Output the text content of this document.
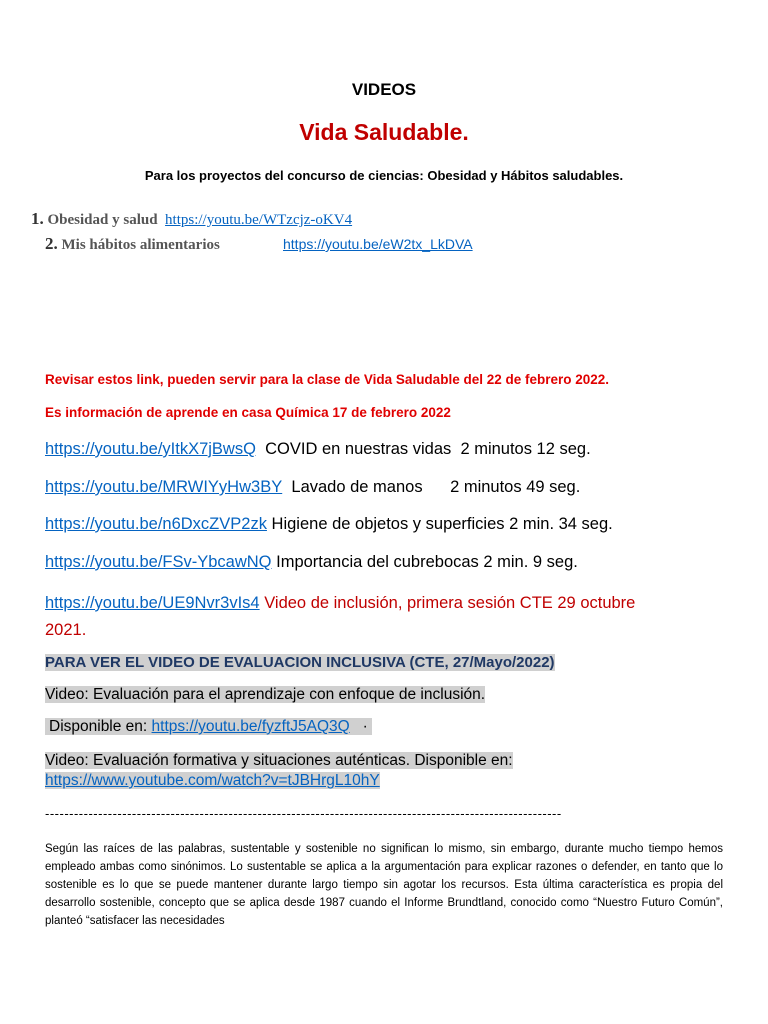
VIDEOS
Vida Saludable.
Para los proyectos del concurso de ciencias: Obesidad y Hábitos saludables.
1. Obesidad y salud https://youtu.be/WTzcjz-oKV4
2. Mis hábitos alimentarios	https://youtu.be/eW2tx_LkDVA
Revisar estos link, pueden servir para la clase de Vida Saludable del 22 de febrero 2022.
Es información de aprende en casa Química 17 de febrero 2022
https://youtu.be/yItkX7jBwsQ COVID en nuestras vidas  2 minutos 12 seg.
https://youtu.be/MRWIYyHw3BY Lavado de manos      2 minutos 49 seg.
https://youtu.be/n6DxcZVP2zk Higiene de objetos y superficies 2 min. 34 seg.
https://youtu.be/FSv-YbcawNQ Importancia del cubrebocas 2 min. 9 seg.
https://youtu.be/UE9Nvr3vIs4 Video de inclusión, primera sesión CTE 29 octubre
2021.
PARA VER EL VIDEO DE EVALUACION INCLUSIVA (CTE, 27/Mayo/2022)
Video: Evaluación para el aprendizaje con enfoque de inclusión.
Disponible en: https://youtu.be/fyzftJ5AQ3Q ·
Video: Evaluación formativa y situaciones auténticas. Disponible en:
https://www.youtube.com/watch?v=tJBHrgL10hY
-----------------------------------------------------------------------------------------------------------
Según las raíces de las palabras, sustentable y sostenible no significan lo mismo, sin embargo, durante mucho tiempo hemos empleado ambas como sinónimos. Lo sustentable se aplica a la argumentación para explicar razones o defender, en tanto que lo sostenible es lo que se puede mantener durante largo tiempo sin agotar los recursos. Esta última característica es propia del desarrollo sostenible, concepto que se aplica desde 1987 cuando el Informe Brundtland, conocido como “Nuestro Futuro Común”, planteó “satisfacer las necesidades
